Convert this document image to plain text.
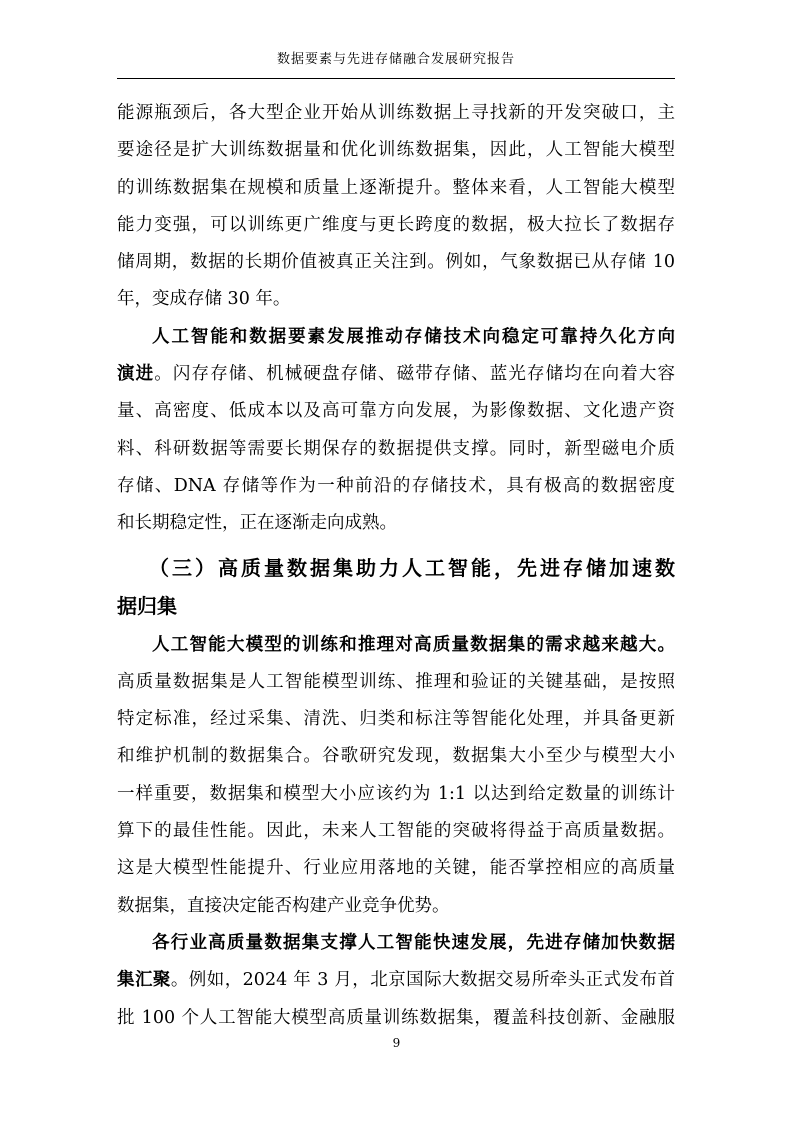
数据要素与先进存储融合发展研究报告
能源瓶颈后，各大型企业开始从训练数据上寻找新的开发突破口，主
要途径是扩大训练数据量和优化训练数据集，因此，人工智能大模型
的训练数据集在规模和质量上逐渐提升。整体来看，人工智能大模型
能力变强，可以训练更广维度与更长跨度的数据，极大拉长了数据存
储周期，数据的长期价值被真正关注到。例如，气象数据已从存储 10
年，变成存储 30 年。
人工智能和数据要素发展推动存储技术向稳定可靠持久化方向
演进。闪存存储、机械硬盘存储、磁带存储、蓝光存储均在向着大容
量、高密度、低成本以及高可靠方向发展，为影像数据、文化遗产资
料、科研数据等需要长期保存的数据提供支撑。同时，新型磁电介质
存储、DNA 存储等作为一种前沿的存储技术，具有极高的数据密度
和长期稳定性，正在逐渐走向成熟。
（三）高质量数据集助力人工智能，先进存储加速数
据归集
人工智能大模型的训练和推理对高质量数据集的需求越来越大。
高质量数据集是人工智能模型训练、推理和验证的关键基础，是按照
特定标准，经过采集、清洗、归类和标注等智能化处理，并具备更新
和维护机制的数据集合。谷歌研究发现，数据集大小至少与模型大小
一样重要，数据集和模型大小应该约为 1:1 以达到给定数量的训练计
算下的最佳性能。因此，未来人工智能的突破将得益于高质量数据。
这是大模型性能提升、行业应用落地的关键，能否掌控相应的高质量
数据集，直接决定能否构建产业竞争优势。
各行业高质量数据集支撑人工智能快速发展，先进存储加快数据
集汇聚。例如，2024 年 3 月，北京国际大数据交易所牵头正式发布首
批 100 个人工智能大模型高质量训练数据集，覆盖科技创新、金融服
9
